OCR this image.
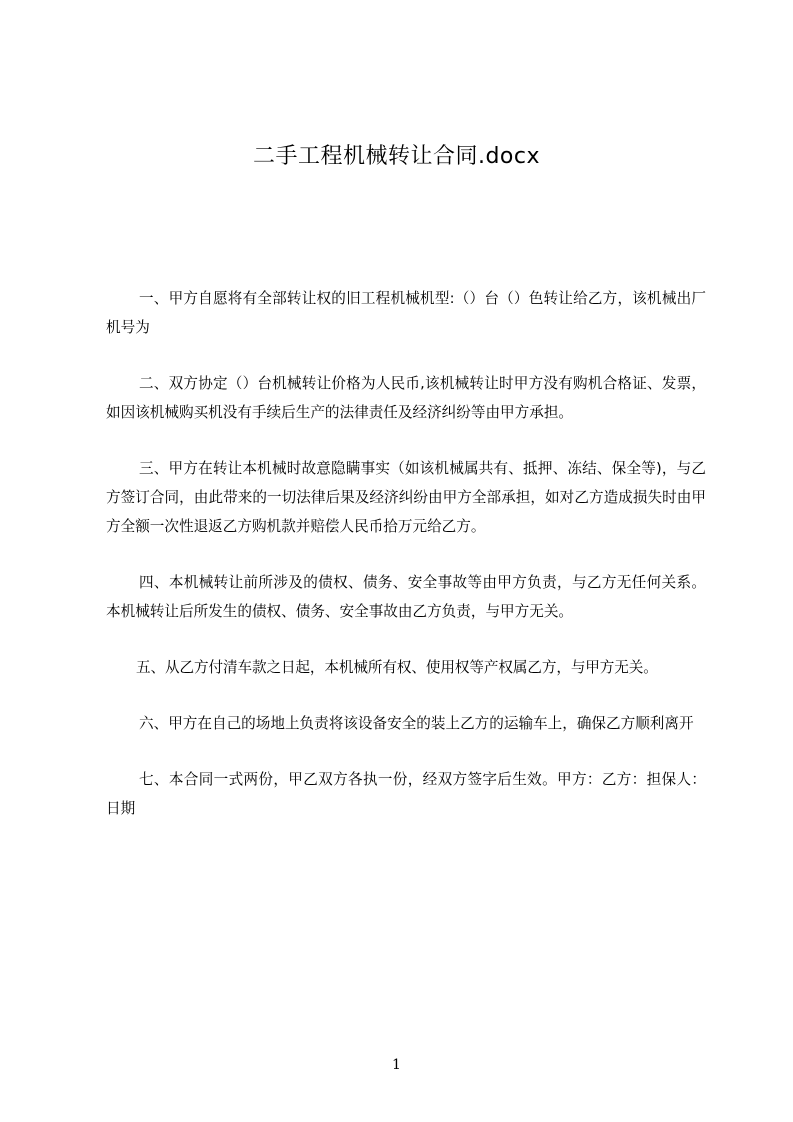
二手工程机械转让合同.docx

一、甲方自愿将有全部转让权的旧工程机械机型:（）台（）色转让给乙方，该机械出厂机号为

二、双方协定（）台机械转让价格为人民币,该机械转让时甲方没有购机合格证、发票，如因该机械购买机没有手续后生产的法律责任及经济纠纷等由甲方承担。

三、甲方在转让本机械时故意隐瞒事实（如该机械属共有、抵押、冻结、保全等)，与乙方签订合同，由此带来的一切法律后果及经济纠纷由甲方全部承担，如对乙方造成损失时由甲方全额一次性退返乙方购机款并赔偿人民币拾万元给乙方。

四、本机械转让前所涉及的债权、债务、安全事故等由甲方负责，与乙方无任何关系。本机械转让后所发生的债权、债务、安全事故由乙方负责，与甲方无关。

五、从乙方付清车款之日起，本机械所有权、使用权等产权属乙方，与甲方无关。

六、甲方在自己的场地上负责将该设备安全的装上乙方的运输车上，确保乙方顺利离开

七、本合同一式两份，甲乙双方各执一份，经双方签字后生效。甲方：乙方：担保人：日期

1
